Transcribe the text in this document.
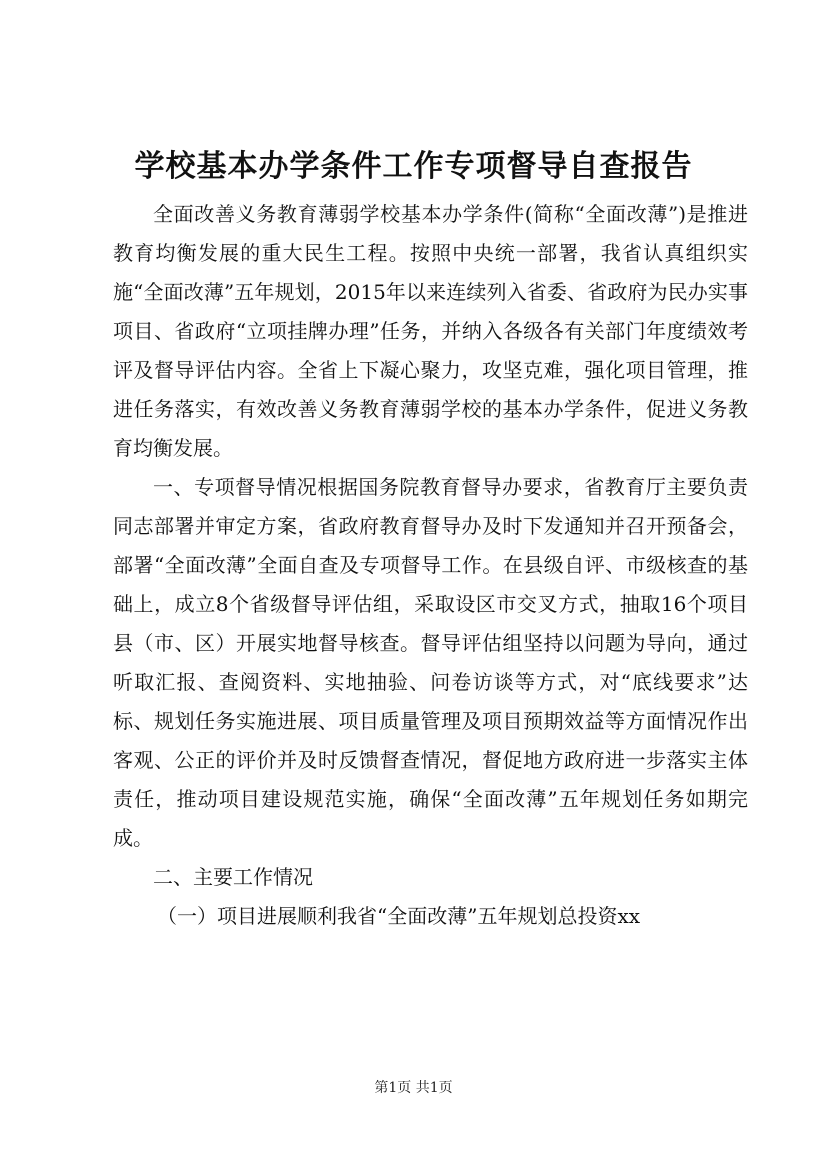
学校基本办学条件工作专项督导自查报告

全面改善义务教育薄弱学校基本办学条件(简称“全面改薄”)是推进教育均衡发展的重大民生工程。按照中央统一部署，我省认真组织实施“全面改薄”五年规划，2015年以来连续列入省委、省政府为民办实事项目、省政府“立项挂牌办理”任务，并纳入各级各有关部门年度绩效考评及督导评估内容。全省上下凝心聚力，攻坚克难，强化项目管理，推进任务落实，有效改善义务教育薄弱学校的基本办学条件，促进义务教育均衡发展。

一、专项督导情况根据国务院教育督导办要求，省教育厅主要负责同志部署并审定方案，省政府教育督导办及时下发通知并召开预备会，部署“全面改薄”全面自查及专项督导工作。在县级自评、市级核查的基础上，成立8个省级督导评估组，采取设区市交叉方式，抽取16个项目县（市、区）开展实地督导核查。督导评估组坚持以问题为导向，通过听取汇报、查阅资料、实地抽验、问卷访谈等方式，对“底线要求”达标、规划任务实施进展、项目质量管理及项目预期效益等方面情况作出客观、公正的评价并及时反馈督查情况，督促地方政府进一步落实主体责任，推动项目建设规范实施，确保“全面改薄”五年规划任务如期完成。

二、主要工作情况

（一）项目进展顺利我省“全面改薄”五年规划总投资xx

第1页 共1页
